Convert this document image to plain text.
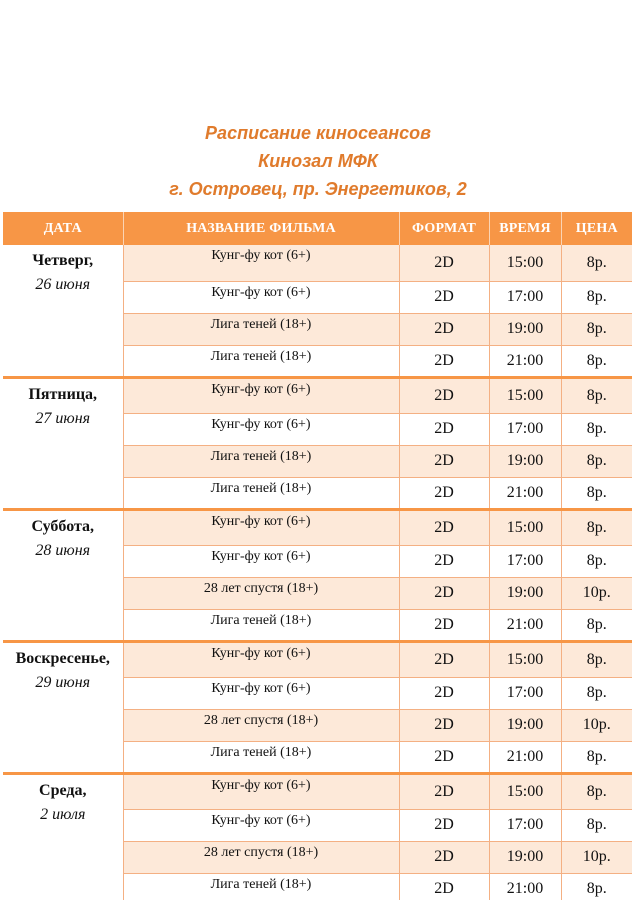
Расписание киносеансов
Кинозал МФК
г. Островец, пр. Энергетиков, 2
ДАТА	НАЗВАНИЕ ФИЛЬМА	ФОРМАТ	ВРЕМЯ	ЦЕНА

Четверг,
26 июня	Кунг-фу кот (6+)	2D	15:00	8р.
	Кунг-фу кот (6+)	2D	17:00	8р.
	Лига теней (18+)	2D	19:00	8р.
	Лига теней (18+)	2D	21:00	8р.

Пятница,
27 июня	Кунг-фу кот (6+)	2D	15:00	8р.
	Кунг-фу кот (6+)	2D	17:00	8р.
	Лига теней (18+)	2D	19:00	8р.
	Лига теней (18+)	2D	21:00	8р.

Суббота,
28 июня	Кунг-фу кот (6+)	2D	15:00	8р.
	Кунг-фу кот (6+)	2D	17:00	8р.
	28 лет спустя (18+)	2D	19:00	10р.
	Лига теней (18+)	2D	21:00	8р.

Воскресенье,
29 июня	Кунг-фу кот (6+)	2D	15:00	8р.
	Кунг-фу кот (6+)	2D	17:00	8р.
	28 лет спустя (18+)	2D	19:00	10р.
	Лига теней (18+)	2D	21:00	8р.

Среда,
2 июля	Кунг-фу кот (6+)	2D	15:00	8р.
	Кунг-фу кот (6+)	2D	17:00	8р.
	28 лет спустя (18+)	2D	19:00	10р.
	Лига теней (18+)	2D	21:00	8р.
